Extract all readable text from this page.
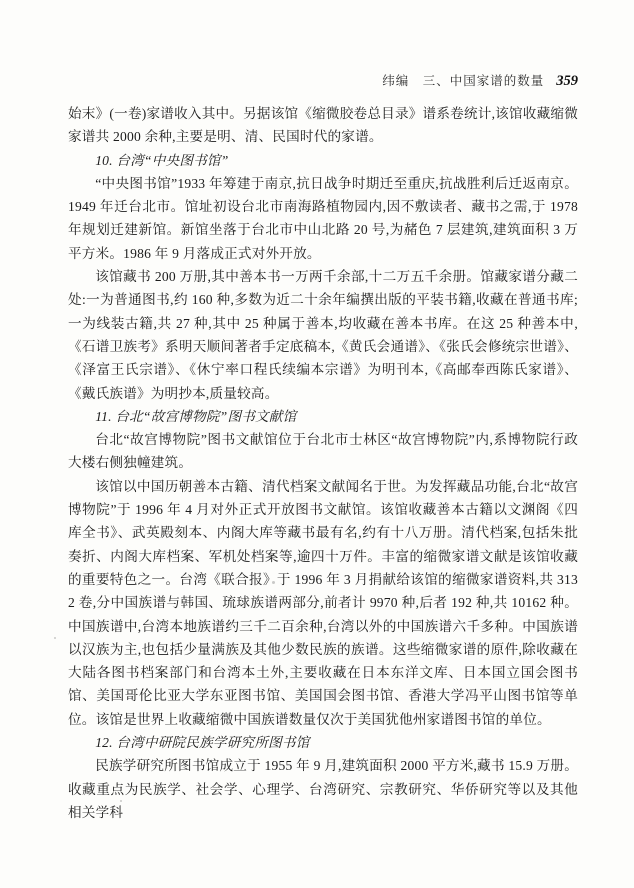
纬编　三、中国家谱的数量 359

始末》(一卷)家谱收入其中。另据该馆《缩微胶卷总目录》谱系卷统计,该馆收藏缩微家谱共 2000 余种,主要是明、清、民国时代的家谱。

10. 台湾“中央图书馆”

“中央图书馆”1933 年筹建于南京,抗日战争时期迁至重庆,抗战胜利后迁返南京。1949 年迁台北市。馆址初设台北市南海路植物园内,因不敷读者、藏书之需,于 1978 年规划迁建新馆。新馆坐落于台北市中山北路 20 号,为赭色 7 层建筑,建筑面积 3 万平方米。1986 年 9 月落成正式对外开放。

该馆藏书 200 万册,其中善本书一万两千余部,十二万五千余册。馆藏家谱分藏二处:一为普通图书,约 160 种,多数为近二十余年编撰出版的平装书籍,收藏在普通书库;一为线装古籍,共 27 种,其中 25 种属于善本,均收藏在善本书库。在这 25 种善本中,《石谱卫族考》系明天顺间著者手定底稿本,《黄氏会通谱》、《张氏会修统宗世谱》、《泽富王氏宗谱》、《休宁率口程氏续编本宗谱》为明刊本,《高邮奉西陈氏家谱》、《戴氏族谱》为明抄本,质量较高。

11. 台北“故宫博物院”图书文献馆

台北“故宫博物院”图书文献馆位于台北市士林区“故宫博物院”内,系博物院行政大楼右侧独幢建筑。

该馆以中国历朝善本古籍、清代档案文献闻名于世。为发挥藏品功能,台北“故宫博物院”于 1996 年 4 月对外正式开放图书文献馆。该馆收藏善本古籍以文渊阁《四库全书》、武英殿刻本、内阁大库等藏书最有名,约有十八万册。清代档案,包括朱批奏折、内阁大库档案、军机处档案等,逾四十万件。丰富的缩微家谱文献是该馆收藏的重要特色之一。台湾《联合报》于 1996 年 3 月捐献给该馆的缩微家谱资料,共 3132 卷,分中国族谱与韩国、琉球族谱两部分,前者计 9970 种,后者 192 种,共 10162 种。中国族谱中,台湾本地族谱约三千二百余种,台湾以外的中国族谱六千多种。中国族谱以汉族为主,也包括少量满族及其他少数民族的族谱。这些缩微家谱的原件,除收藏在大陆各图书档案部门和台湾本土外,主要收藏在日本东洋文库、日本国立国会图书馆、美国哥伦比亚大学东亚图书馆、美国国会图书馆、香港大学冯平山图书馆等单位。该馆是世界上收藏缩微中国族谱数量仅次于美国犹他州家谱图书馆的单位。

12. 台湾中研院民族学研究所图书馆

民族学研究所图书馆成立于 1955 年 9 月,建筑面积 2000 平方米,藏书 15.9 万册。收藏重点为民族学、社会学、心理学、台湾研究、宗教研究、华侨研究等以及其他相关学科
